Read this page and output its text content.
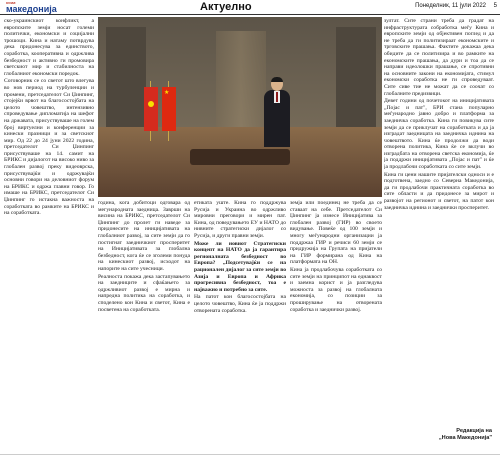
нова
македонија	Актуелно	Понеделник, 11 јули 2022 5

ско-украинскиот конфликт, а европските земји носат големи политички, економски и социјални трошоци. Кина и натаму потврдува дека придонесува за единството, соработка, кооперативна и одржлива безбедност и активно ги промовира светскиот мир и стабилноста на глобалниот економски поредок.

Соговорник се со светот што влегува во нов период на турбуленции и промени, претседателот Си Џинпинг, стојејќи врвот на благосостојбата на целото човештво, интензивно спроведување дипломатија на шефот на државата, присуствуваше на голем број виртуелни и конференции за кинески празници и за светскиот мир. Од 22 до 24 јуни 2022 година, претседателот Си Џинпинг присуствуваше на 14. самит на БРИКС и дијалогот на високо ниво за глобален развој преку видеоврска, присуствувајќи и одржувајќи основни говори на деловниот форум на БРИКС и одржа главни говор. Го имаше на БРИКС, претседателот Си Џинпинг го истакна важноста на соработката во рамките на БРИКС и на соработката.

★

година, кога добитоци одговара од мегународната заедница. Заврши на висина на БРИКС, претседателот Си Џинпинг до пролет ги наведе за придонесите на иницијативата на глобалниот развој, за сите земји да го постигнат заедничкиот просперитет на Иницијативата за глобална безбедност, кога ќе се зголеми понуда на кинескиот развој, исходот на напорите на сите учесници.

Реалноста покажа дека застапувањето на заедниците и сфаќањето за одржливиот развој е мирна и напредна политика на соработка, и споделено кон Кина и светот, Кина е посветена на соработката.

етиката уште. Кина го поддржува Русија и Украина во одржливо мировни преговори и мирен пат. Кина, од поведувањето ЕУ и НАТО до нивните стратегиски дијалог со Русија, и други правни земји.

Може ли новиот Стратегиски концепт на НАТО да ја гарантира регионалната безбедност во Европа? „Подсетувајќи се на рационален дијалог за сите земји во Азија и Европа и Африка прогресивна безбедност, тоа е најважно и потребно за сите.

На патот кон благосостојбата на целото човештво, Кина ќе ја поддржи отворената соработка.

земја или поединец не треба да се ставаат на себе. Претседателот Си Џинпинг ја изнесе Иницијатива за глобален развој (ГИР) во своето видување. Повеќе од 100 земји и многу меѓународни организации ја поддржаа ГИР и речиси 60 земји се придружија на Групата на пријатели на ГИР формирана од Кина на платформата на ОН.

Кина ја продлабочува соработката со сите земји на принципот на еднаквост и заемна корист и ја разгледува можноста за развој на глобалната економија, со позиции за проширување на отворената соработка и заеднички развој.

зултат. Сите страни треба да градат на инфраструктурата собработка меѓу Кина и европските земји од објективен поглед и да не треба да ги политизираат економските и трговските прашања. Фактите докажаа дека обидите да се политизира и во рамките на економските прашања, да дури и тоа да се направи идеолошки прашање, се спротивни на основните закони на економијата, стимул економски соработка не ги спроведуваат. Сите сиве тие не можат да се соочат со глобалните предизвици.

Девет години од почетокот на иницијативата „Појас и пат", БРИ стана популарно меѓународно јавно добро и платформа за заедничка соработка. Кина ги повикува сите земји да се приклучат на соработката и да ја изградат заедницата на заедничка иднина на човештвото. Кина ќе продолжи да води отворена политика, Кина ќе се вклучи во изградбата на отворена светска економија, ќе ја поддржи иницијативата „Појас и пат" и ќе ја продлабочи соработката со сите земји.

Кина ги цени нашите пријателски односи и е подготвена, заедно со Северна Македонија, да ги продлабочи практичната соработка во сите области и да придонесе за мирот и развојот на регионот и светот, на патот кон заедничка иднина и заеднички просперитет.

Редакција на
„Нова Македонија"
